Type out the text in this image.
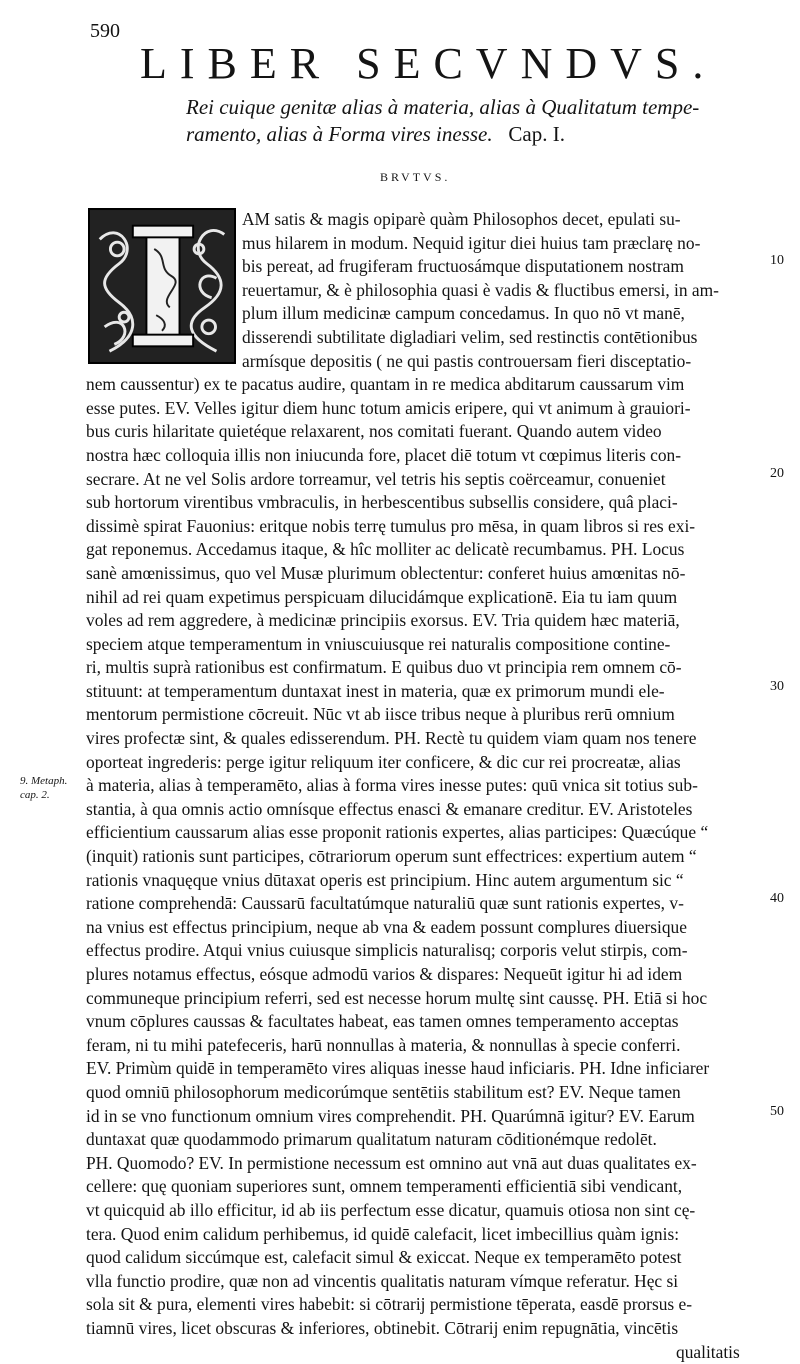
590
LIBER SECVNDVS.
Rei cuique genitæ alias à materia, alias à Qualitatum tempe-
ramento, alias à Forma vires inesse. Cap. I.
BRVTVS.
AM satis & magis opiparè quàm Philosophos decet, epulati su-
mus hilarem in modum. Nequid igitur diei huius tam præclarę no-
bis pereat, ad frugiferam fructuosámque disputationem nostram
reuertamur, & è philosophia quasi è vadis & fluctibus emersi, in am-
plum illum medicinæ campum concedamus. In quo nō vt manē,
disserendi subtilitate digladiari velim, sed restinctis contētionibus
armísque depositis ( ne qui pastis controuersam fieri disceptatio-
nem caussentur) ex te pacatus audire, quantam in re medica abditarum caussarum vim
esse putes. EV. Velles igitur diem hunc totum amicis eripere, qui vt animum à grauiori-
bus curis hilaritate quietéque relaxarent, nos comitati fuerant. Quando autem video
nostra hæc colloquia illis non iniucunda fore, placet diē totum vt cœpimus literis con-
secrare. At ne vel Solis ardore torreamur, vel tetris his septis coërceamur, conueniet
sub hortorum virentibus vmbraculis, in herbescentibus subsellis considere, quâ placi-
dissimè spirat Fauonius: eritque nobis terrę tumulus pro mēsa, in quam libros si res exi-
gat reponemus. Accedamus itaque, & hîc molliter ac delicatè recumbamus. PH. Locus
sanè amœnissimus, quo vel Musæ plurimum oblectentur: conferet huius amœnitas nō-
nihil ad rei quam expetimus perspicuam dilucidámque explicationē. Eia tu iam quum
voles ad rem aggredere, à medicinæ principiis exorsus. EV. Tria quidem hæc materiā,
speciem atque temperamentum in vniuscuiusque rei naturalis compositione contine-
ri, multis suprà rationibus est confirmatum. E quibus duo vt principia rem omnem cō-
stituunt: at temperamentum duntaxat inest in materia, quæ ex primorum mundi ele-
mentorum permistione cōcreuit. Nūc vt ab iisce tribus neque à pluribus rerū omnium
vires profectæ sint, & quales edisserendum. PH. Rectè tu quidem viam quam nos tenere
oporteat ingrederis: perge igitur reliquum iter conficere, & dic cur rei procreatæ, alias
à materia, alias à temperamēto, alias à forma vires inesse putes: quū vnica sit totius sub-
stantia, à qua omnis actio omnísque effectus enasci & emanare creditur. EV. Aristoteles
efficientium caussarum alias esse proponit rationis expertes, alias participes: Quæcúque “
(inquit) rationis sunt participes, cōtrariorum operum sunt effectrices: expertium autem “
rationis vnaquęque vnius dūtaxat operis est principium. Hinc autem argumentum sic “
ratione comprehendā: Caussarū facultatúmque naturaliū quæ sunt rationis expertes, v-
na vnius est effectus principium, neque ab vna & eadem possunt complures diuersique
effectus prodire. Atqui vnius cuiusque simplicis naturalisq; corporis velut stirpis, com-
plures notamus effectus, eósque admodū varios & dispares: Nequeūt igitur hi ad idem
communeque principium referri, sed est necesse horum multę sint caussę. PH. Etiā si hoc
vnum cōplures caussas & facultates habeat, eas tamen omnes temperamento acceptas
feram, ni tu mihi patefeceris, harū nonnullas à materia, & nonnullas à specie conferri.
EV. Primùm quidē in temperamēto vires aliquas inesse haud inficiaris. PH. Idne inficiarer
quod omniū philosophorum medicorúmque sentētiis stabilitum est? EV. Neque tamen
id in se vno functionum omnium vires comprehendit. PH. Quarúmnā igitur? EV. Earum
duntaxat quæ quodammodo primarum qualitatum naturam cōditionémque redolēt.
PH. Quomodo? EV. In permistione necessum est omnino aut vnā aut duas qualitates ex-
cellere: quę quoniam superiores sunt, omnem temperamenti efficientiā sibi vendicant,
vt quicquid ab illo efficitur, id ab iis perfectum esse dicatur, quamuis otiosa non sint cę-
tera. Quod enim calidum perhibemus, id quidē calefacit, licet imbecillius quàm ignis:
quod calidum siccúmque est, calefacit simul & exiccat. Neque ex temperamēto potest
vlla functio prodire, quæ non ad vincentis qualitatis naturam vímque referatur. Hęc si
sola sit & pura, elementi vires habebit: si cōtrarij permistione tēperata, easdē prorsus e-
tiamnū vires, licet obscuras & inferiores, obtinebit. Cōtrarij enim repugnātia, vincētis
qualitatis
10
20
30
40
50
9. Metaph.
cap. 2.
